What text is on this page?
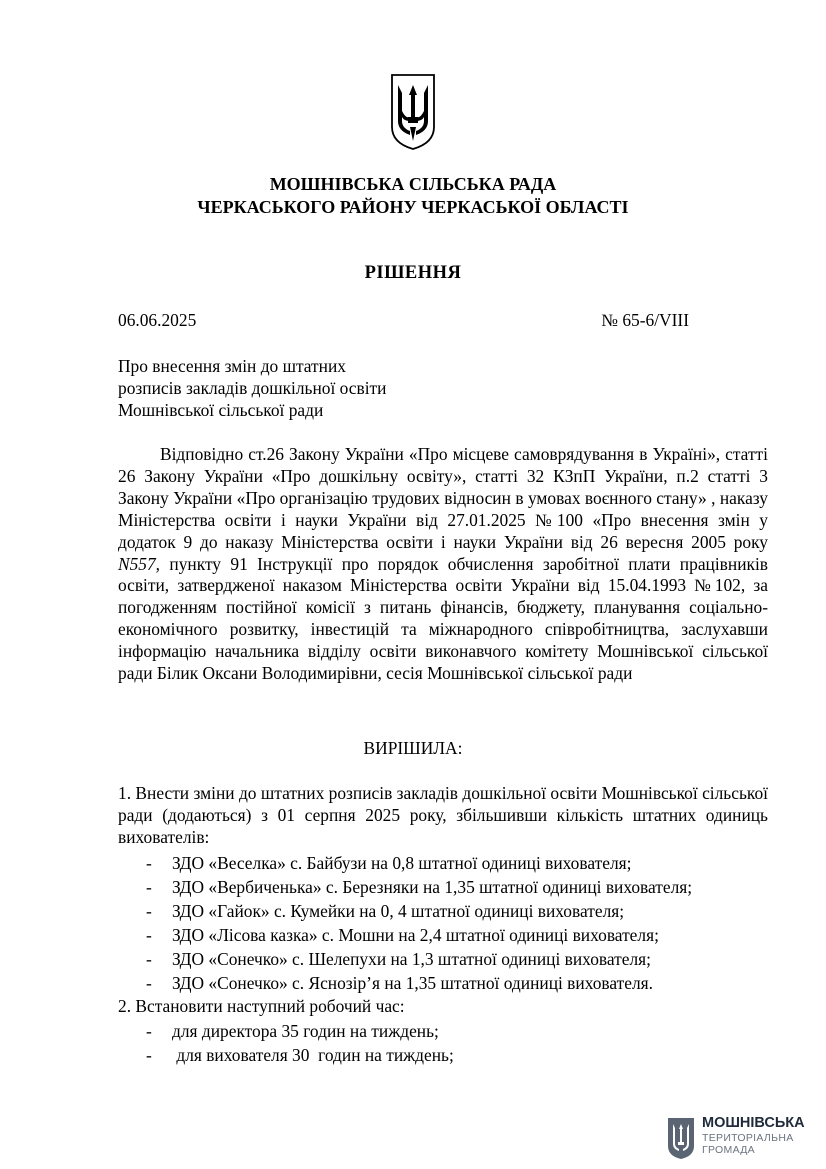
МОШНІВСЬКА СІЛЬСЬКА РАДА
ЧЕРКАСЬКОГО РАЙОНУ ЧЕРКАСЬКОЇ ОБЛАСТІ
РІШЕННЯ
06.06.2025	№ 65-6/VIII
Про внесення змін до штатних
розписів закладів дошкільної освіти
Мошнівської сільської ради
Відповідно ст.26 Закону України «Про місцеве самоврядування в Україні», статті 26 Закону України «Про дошкільну освіту», статті 32 КЗпП України, п.2 статті 3 Закону України «Про організацію трудових відносин в умовах воєнного стану» , наказу Міністерства освіти і науки України від 27.01.2025 №100 «Про внесення змін у додаток 9 до наказу Міністерства освіти і науки України від 26 вересня 2005 року N557, пункту 91 Інструкції про порядок обчислення заробітної плати працівників освіти, затвердженої наказом Міністерства освіти України від 15.04.1993 №102, за погодженням постійної комісії з питань фінансів, бюджету, планування соціально-економічного розвитку, інвестицій та міжнародного співробітництва, заслухавши інформацію начальника відділу освіти виконавчого комітету Мошнівської сільської ради Білик Оксани Володимирівни, сесія Мошнівської сільської ради
ВИРІШИЛА:
1. Внести зміни до штатних розписів закладів дошкільної освіти Мошнівської сільської ради (додаються) з 01 серпня 2025 року, збільшивши кількість штатних одиниць вихователів:
- ЗДО «Веселка» с. Байбузи на 0,8 штатної одиниці вихователя;
- ЗДО «Вербиченька» с. Березняки на 1,35 штатної одиниці вихователя;
- ЗДО «Гайок» с. Кумейки на 0, 4 штатної одиниці вихователя;
- ЗДО «Лісова казка» с. Мошни на 2,4 штатної одиниці вихователя;
- ЗДО «Сонечко» с. Шелепухи на 1,3 штатної одиниці вихователя;
- ЗДО «Сонечко» с. Яснозір’я на 1,35 штатної одиниці вихователя.
2. Встановити наступний робочий час:
- для директора 35 годин на тиждень;
- для вихователя 30  годин на тиждень;
МОШНІВСЬКА
ТЕРИТОРІАЛЬНА
ГРОМАДА
